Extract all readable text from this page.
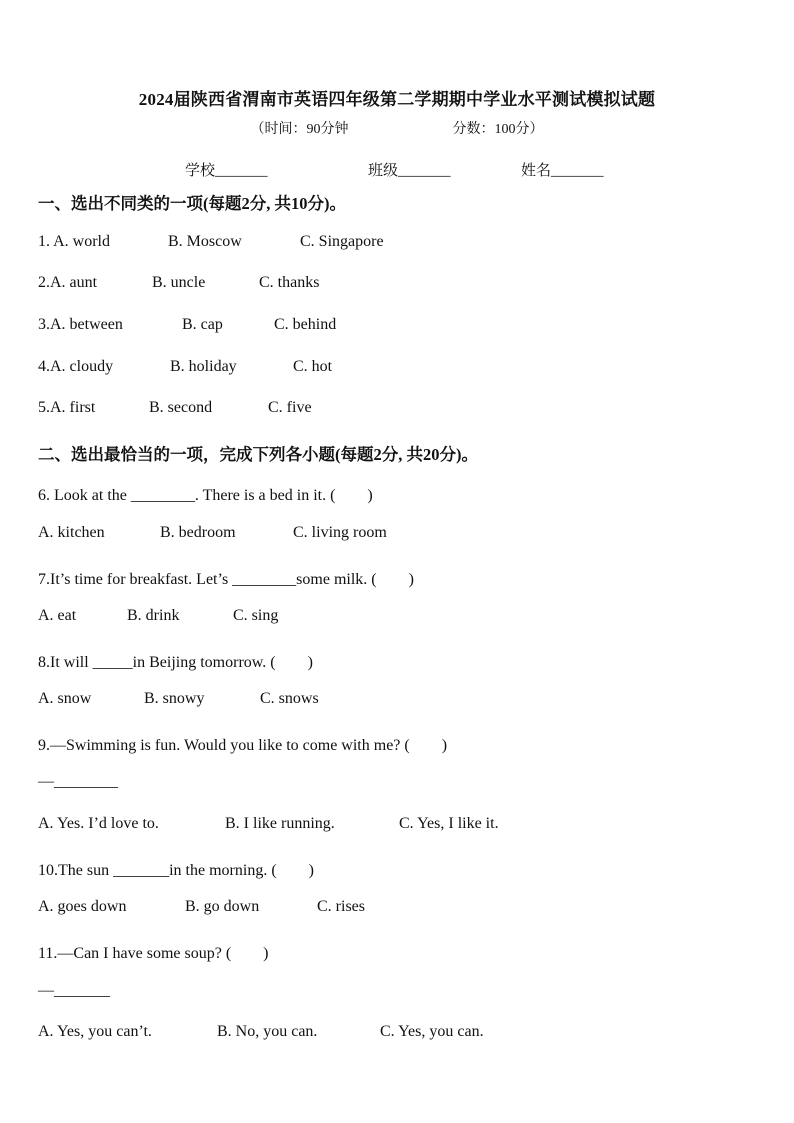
2024届陕西省渭南市英语四年级第二学期期中学业水平测试模拟试题
（时间：90分钟	分数：100分）
学校_______	班级_______	姓名_______
一、选出不同类的一项(每题2分, 共10分)。
1. A. world	B. Moscow	C. Singapore
2.A. aunt	B. uncle	C. thanks
3.A. between	B. cap	C. behind
4.A. cloudy	B. holiday	C. hot
5.A. first	B. second	C. five
二、选出最恰当的一项，完成下列各小题(每题2分, 共20分)。
6. Look at the ________. There is a bed in it. (　　)
A. kitchen	B. bedroom	C. living room
7.It’s time for breakfast. Let’s ________some milk. (　　)
A. eat	B. drink	C. sing
8.It will _____in Beijing tomorrow. (　　)
A. snow	B. snowy	C. snows
9.—Swimming is fun. Would you like to come with me? (　　)
—________
A. Yes. I’d love to.	B. I like running.	C. Yes, I like it.
10.The sun _______in the morning. (　　)
A. goes down	B. go down	C. rises
11.—Can I have some soup? (　　)
—_______
A. Yes, you can’t.	B. No, you can.	C. Yes, you can.
